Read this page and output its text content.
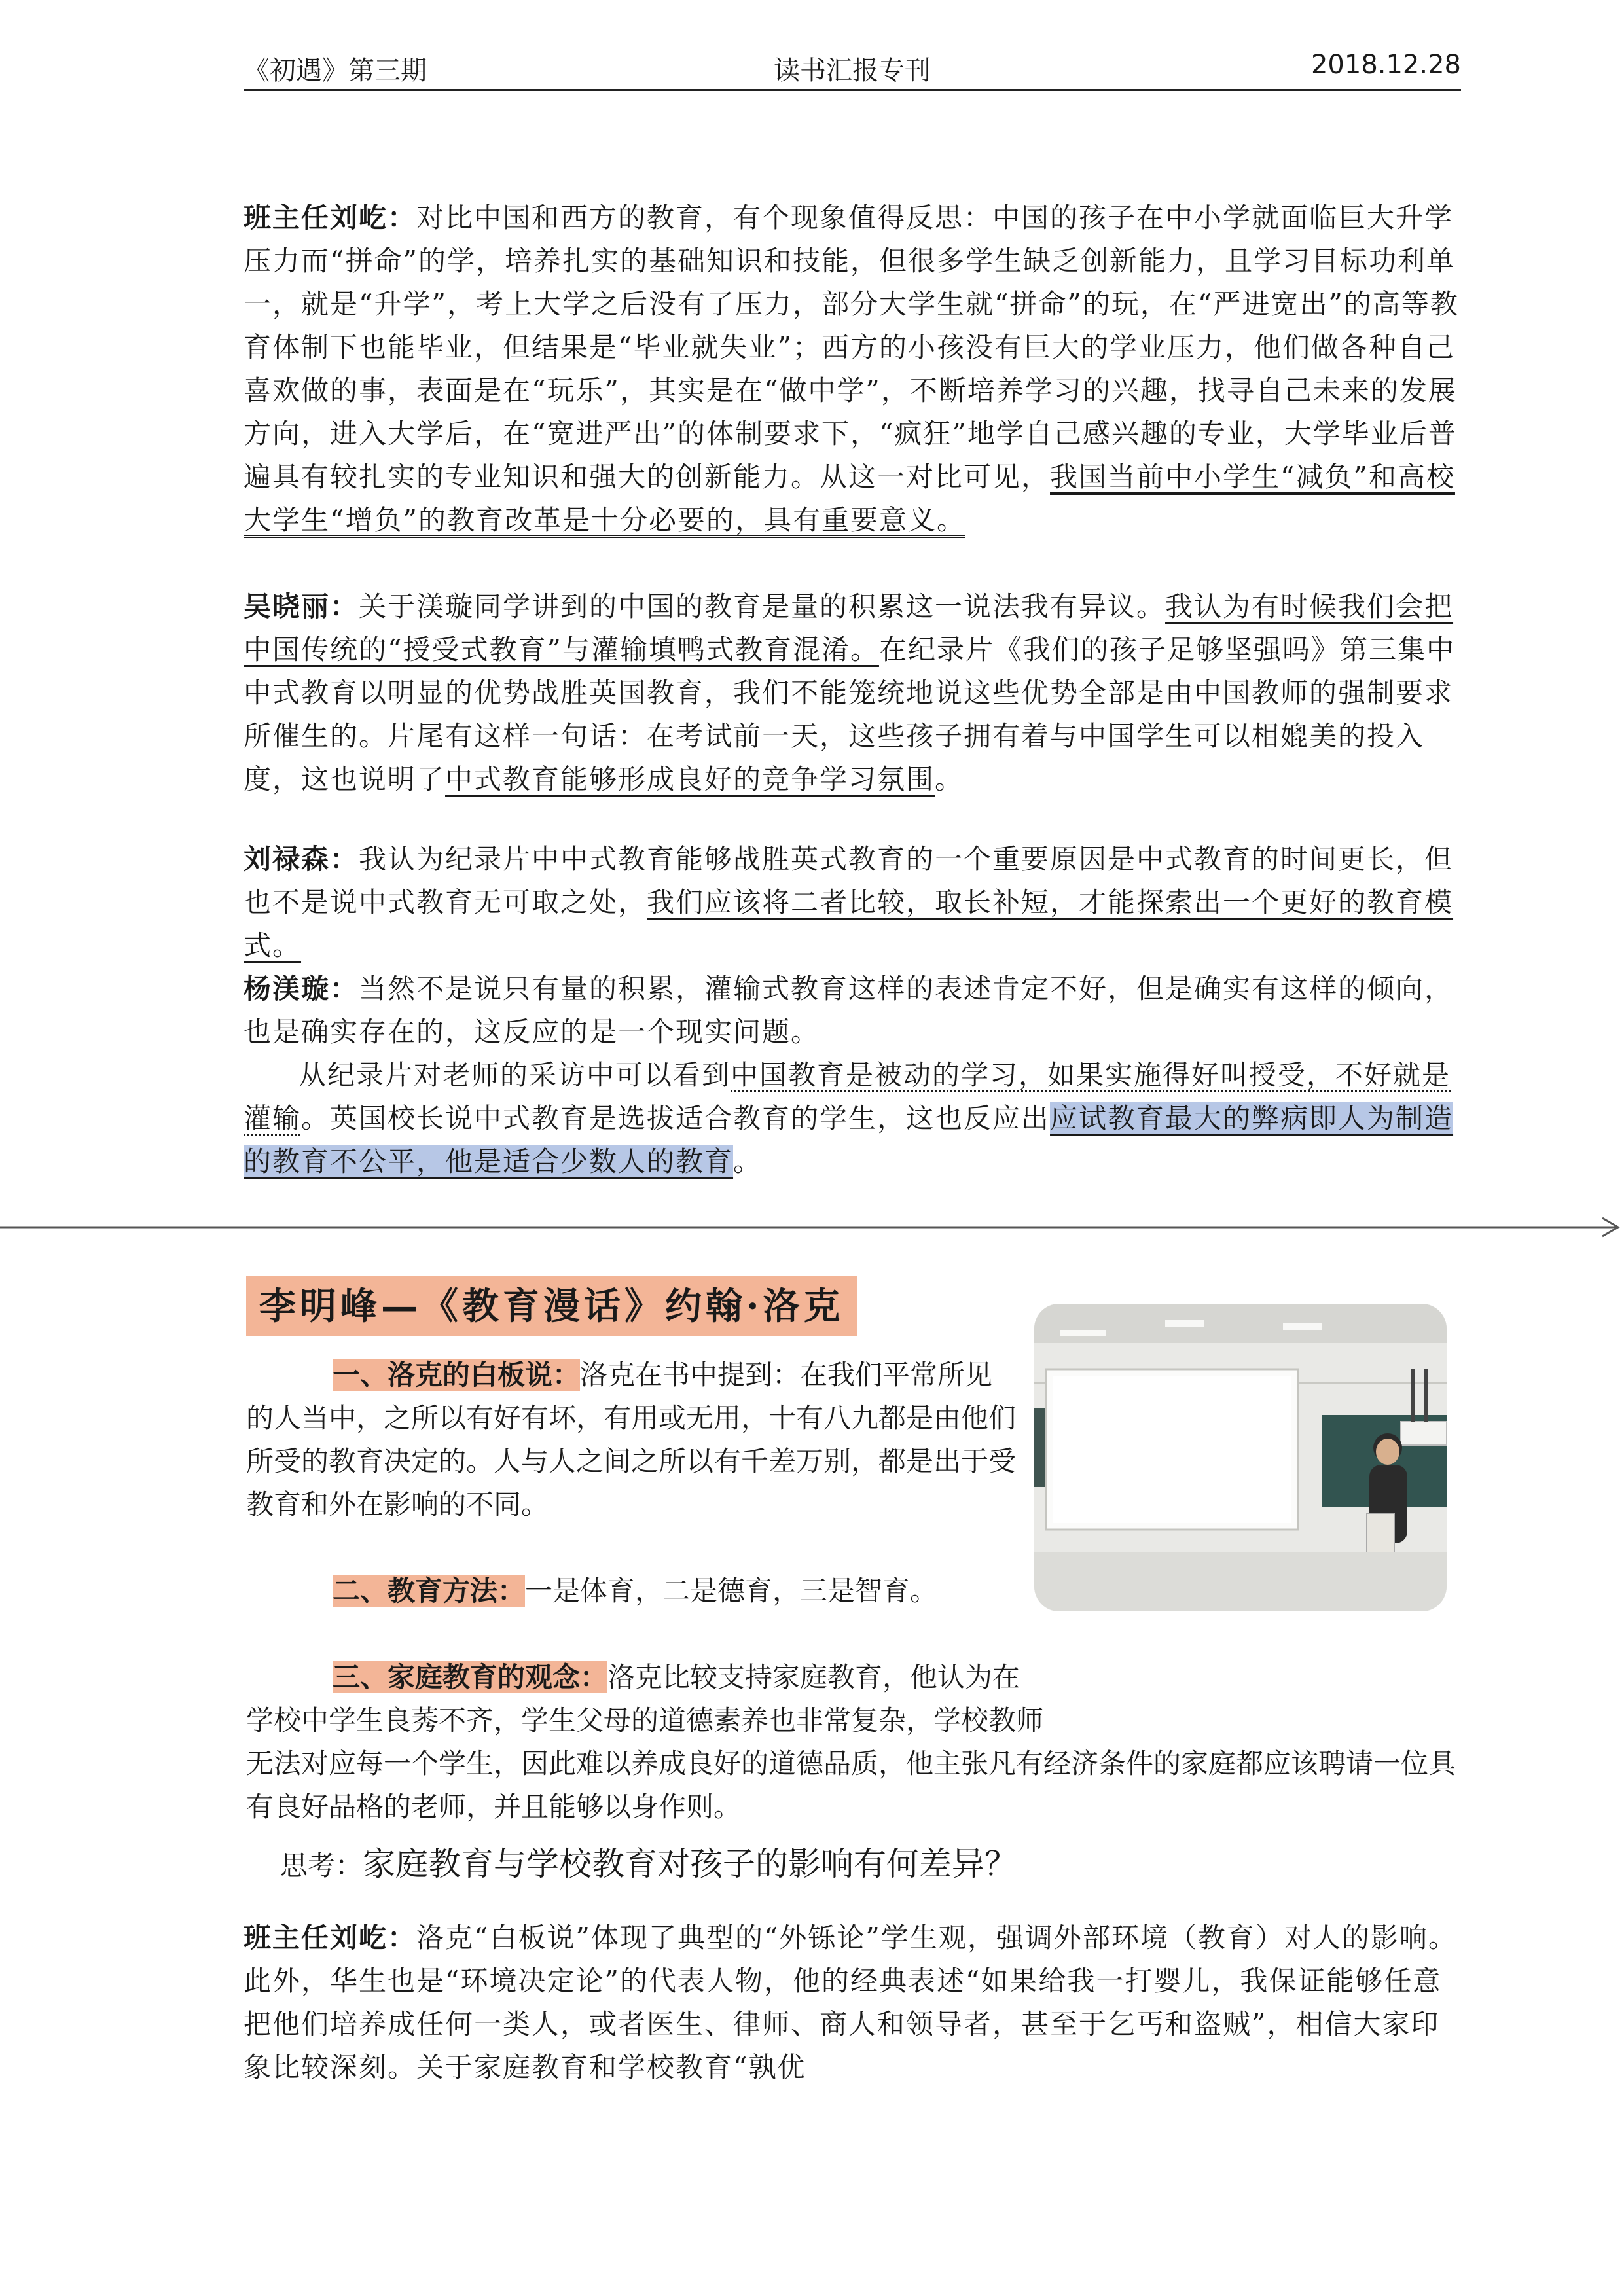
《初遇》第三期	读书汇报专刊	2018.12.28
班主任刘屹：对比中国和西方的教育，有个现象值得反思：中国的孩子在中小学就面临巨大升学压力而“拼命”的学，培养扎实的基础知识和技能，但很多学生缺乏创新能力，且学习目标功利单一，就是“升学”，考上大学之后没有了压力，部分大学生就“拼命”的玩，在“严进宽出”的高等教育体制下也能毕业，但结果是“毕业就失业”；西方的小孩没有巨大的学业压力，他们做各种自己喜欢做的事，表面是在“玩乐”，其实是在“做中学”，不断培养学习的兴趣，找寻自己未来的发展方向，进入大学后，在“宽进严出”的体制要求下，“疯狂”地学自己感兴趣的专业，大学毕业后普遍具有较扎实的专业知识和强大的创新能力。从这一对比可见，我国当前中小学生“减负”和高校大学生“增负”的教育改革是十分必要的，具有重要意义。
吴晓丽：关于渼璇同学讲到的中国的教育是量的积累这一说法我有异议。我认为有时候我们会把中国传统的“授受式教育”与灌输填鸭式教育混淆。在纪录片《我们的孩子足够坚强吗》第三集中中式教育以明显的优势战胜英国教育，我们不能笼统地说这些优势全部是由中国教师的强制要求所催生的。片尾有这样一句话：在考试前一天，这些孩子拥有着与中国学生可以相媲美的投入度，这也说明了中式教育能够形成良好的竞争学习氛围。
刘禄森：我认为纪录片中中式教育能够战胜英式教育的一个重要原因是中式教育的时间更长，但也不是说中式教育无可取之处，我们应该将二者比较，取长补短，才能探索出一个更好的教育模式。
杨渼璇：当然不是说只有量的积累，灌输式教育这样的表述肯定不好，但是确实有这样的倾向，也是确实存在的，这反应的是一个现实问题。
从纪录片对老师的采访中可以看到中国教育是被动的学习，如果实施得好叫授受，不好就是灌输。英国校长说中式教育是选拔适合教育的学生，这也反应出应试教育最大的弊病即人为制造的教育不公平，他是适合少数人的教育。
李明峰—《教育漫话》约翰·洛克
一、洛克的白板说：洛克在书中提到：在我们平常所见的人当中，之所以有好有坏，有用或无用，十有八九都是由他们所受的教育决定的。人与人之间之所以有千差万别，都是出于受教育和外在影响的不同。
二、教育方法：一是体育，二是德育，三是智育。
三、家庭教育的观念：洛克比较支持家庭教育，他认为在学校中学生良莠不齐，学生父母的道德素养也非常复杂，学校教师无法对应每一个学生，因此难以养成良好的道德品质，他主张凡有经济条件的家庭都应该聘请一位具有良好品格的老师，并且能够以身作则。
思考：家庭教育与学校教育对孩子的影响有何差异？
班主任刘屹：洛克“白板说”体现了典型的“外铄论”学生观，强调外部环境（教育）对人的影响。此外，华生也是“环境决定论”的代表人物，他的经典表述“如果给我一打婴儿，我保证能够任意把他们培养成任何一类人，或者医生、律师、商人和领导者，甚至于乞丐和盗贼”，相信大家印象比较深刻。关于家庭教育和学校教育“孰优
